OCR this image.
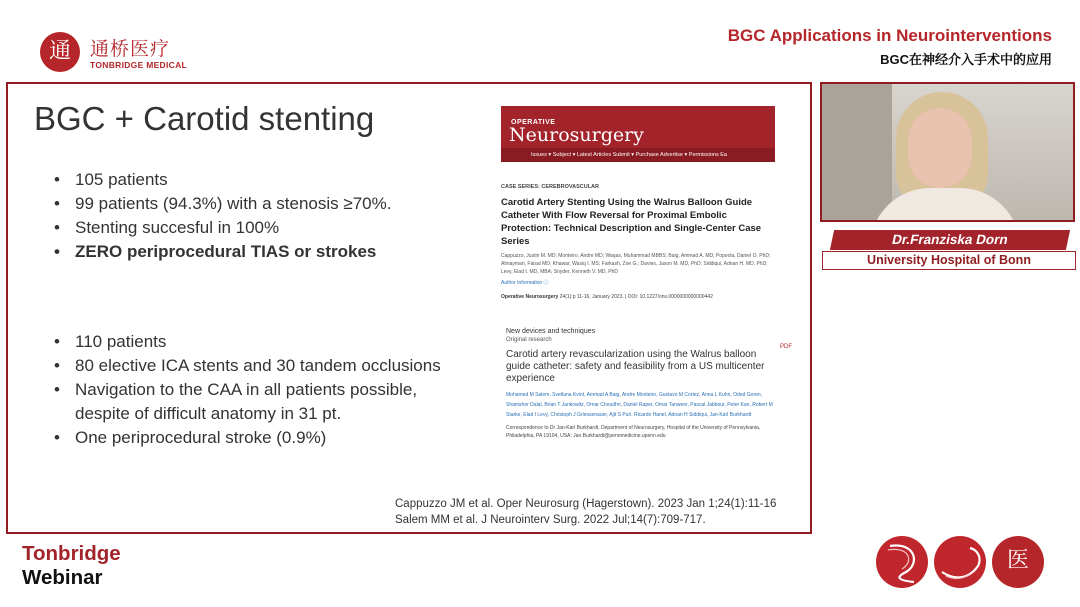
通	通桥医疗
TONBRIDGE MEDICAL
BGC Applications in Neurointerventions
BGC在神经介入手术中的应用
BGC + Carotid stenting
• 105 patients
• 99 patients (94.3%) with a stenosis ≥70%.
• Stenting succesful in 100%
• ZERO periprocedural TIAS or strokes
• 110 patients
• 80 elective ICA stents and 30 tandem occlusions
• Navigation to the CAA in all patients possible,
despite of difficult anatomy in 31 pt.
• One periprocedural stroke (0.9%)
OPERATIVE
Neurosurgery
Issues ▾ Subject ▾ Latest Articles Submit ▾ Purchase Advertise ▾ Permissions Ea
CASE SERIES: CEREBROVASCULAR
Carotid Artery Stenting Using the Walrus Balloon Guide Catheter With Flow Reversal for Proximal Embolic Protection: Technical Description and Single-Center Case Series
Cappuzzo, Justin M. MD; Monteiro, Andre MD; Waqas, Muhammad MBBS; Baig, Ammad A. MD; Popoola, Daniel O. PhD; Almayman, Faisal MD; Khawar, Wasiq I. MS; Farkash, Zoe G.; Davies, Jason M. MD, PhD; Siddiqui, Adnan H. MD, PhD; Levy, Elad I. MD, MBA; Snyder, Kenneth V. MD, PhD
Author Information ⓘ
Operative Neurosurgery 24(1):p 11-16, January 2023. | DOI: 10.1227/ons.0000000000000442
New devices and techniques
Original research
PDF
Carotid artery revascularization using the Walrus balloon guide catheter: safety and feasibility from a US multicenter experience
Mohamed M Salem, Svetlana Kvint, Ammad A Baig, Andre Monteiro, Gustavo M Cortez, Anna L Kuhn, Oded Goren, Shamsher Dalal, Brian T Jankowitz, Omar Choudhri, Daniel Raper, Omar Tanweer, Pascal Jabbour, Peter Kan, Robert M Starke, Elad I Levy, Christoph J Griessenauer, Ajit S Puri, Ricardo Hanel, Adnan H Siddiqui, Jan-Karl Burkhardt
Correspondence to Dr Jan-Karl Burkhardt, Department of Neurosurgery, Hospital of the University of Pennsylvania, Philadelphia, PA 19104, USA; Jan.Burkhardt@pennmedicine.upenn.edu
Cappuzzo JM et al. Oper Neurosurg (Hagerstown). 2023 Jan 1;24(1):11-16
Salem MM et al. J Neurointerv Surg. 2022 Jul;14(7):709-717.
Dr.Franziska Dorn
University Hospital of Bonn
Tonbridge
Webinar
医
